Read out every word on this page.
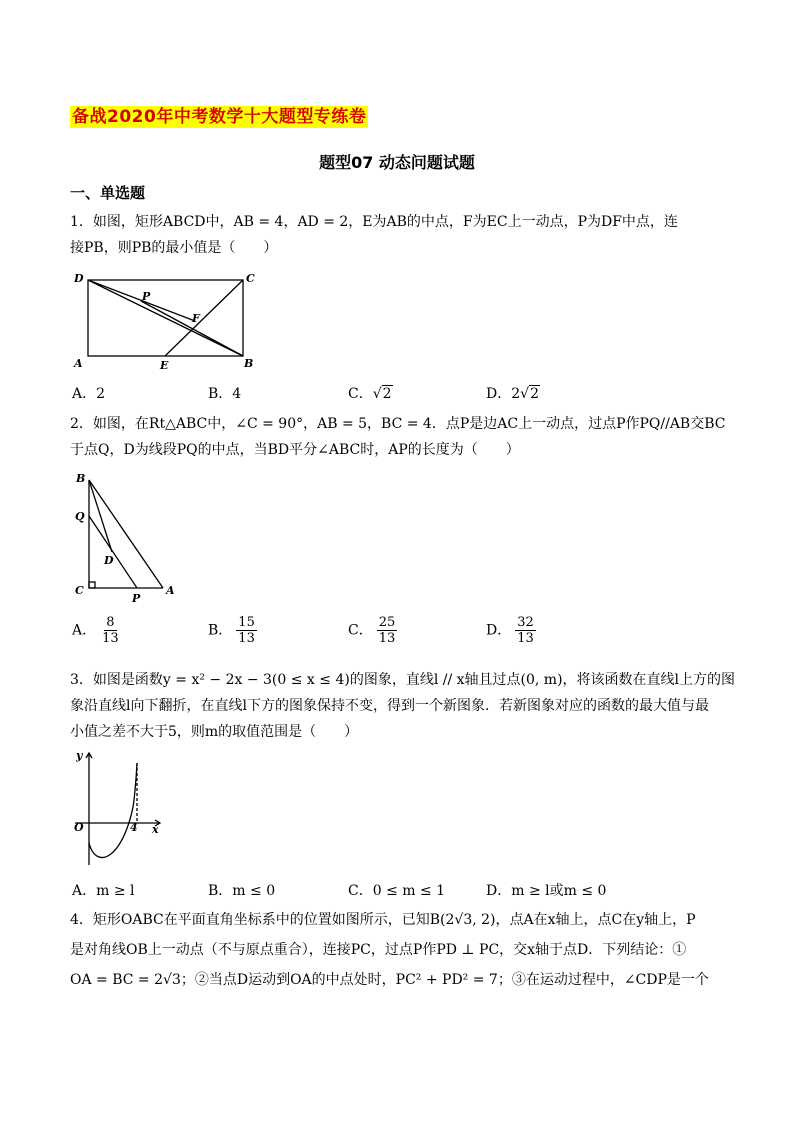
备战2020年中考数学十大题型专练卷
题型07 动态问题试题
一、单选题
1．如图，矩形ABCD中，AB = 4，AD = 2，E为AB的中点，F为EC上一动点，P为DF中点，连
接PB，则PB的最小值是（　　）
D	C
P
F
A	E	B
A．2	B．4	C．√2	D．2√2
2．如图，在Rt△ABC中，∠C = 90°，AB = 5，BC = 4．点P是边AC上一动点，过点P作PQ//AB交BC
于点Q，D为线段PQ的中点，当BD平分∠ABC时，AP的长度为（　　）
B
Q
D
C
P
A
A． $\frac{8}{13}$	B． $\frac{15}{13}$	C． $\frac{25}{13}$	D． $\frac{32}{13}$
3．如图是函数y = x² − 2x − 3(0 ≤ x ≤ 4)的图象，直线l // x轴且过点(0, m)，将该函数在直线l上方的图
象沿直线l向下翻折，在直线l下方的图象保持不变，得到一个新图象．若新图象对应的函数的最大值与最
小值之差不大于5，则m的取值范围是（　　）
y
O	4 x
A．m ≥ l	B．m ≤ 0	C．0 ≤ m ≤ 1	D．m ≥ l或m ≤ 0
4．矩形OABC在平面直角坐标系中的位置如图所示，已知B(2√3, 2)，点A在x轴上，点C在y轴上，P
是对角线OB上一动点（不与原点重合），连接PC，过点P作PD ⊥ PC，交x轴于点D．下列结论：①
OA = BC = 2√3；②当点D运动到OA的中点处时，PC² + PD² = 7；③在运动过程中，∠CDP是一个
